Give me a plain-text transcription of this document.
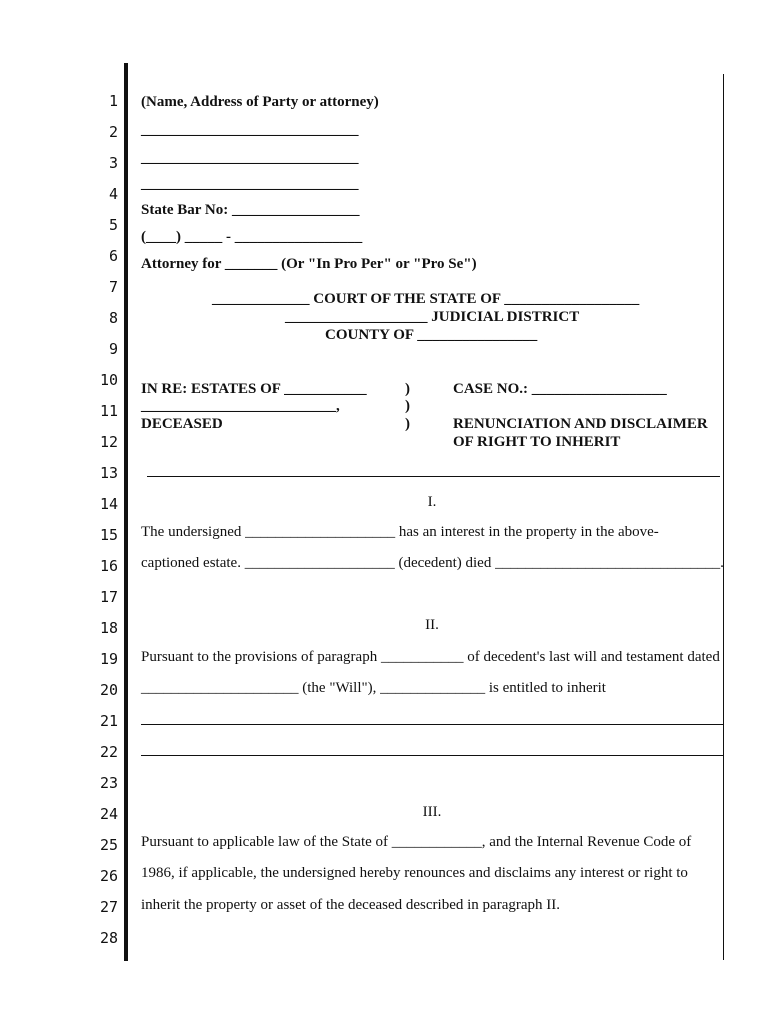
1
2
3
4
5
6
7
8
9
10
11
12
13
14
15
16
17
18
19
20
21
22
23
24
25
26
27
28
(Name, Address of Party or attorney)
_____________________________
_____________________________
_____________________________
State Bar No: _________________
(____) _____ - _________________
Attorney for _______ (Or "In Pro Per" or "Pro Se")
_____________ COURT OF THE STATE OF __________________
___________________ JUDICIAL DISTRICT
COUNTY OF ________________
IN RE: ESTATES OF ___________
__________________________,
DECEASED
)
)
)
CASE NO.: __________________
RENUNCIATION AND DISCLAIMER
OF RIGHT TO INHERIT
I.
The undersigned ____________________ has an interest in the property in the above-
captioned estate. ____________________ (decedent) died ______________________________.
II.
Pursuant to the provisions of paragraph ___________ of decedent's last will and testament dated
_____________________ (the "Will"), ______________ is entitled to inherit
III.
Pursuant to applicable law of the State of ____________, and the Internal Revenue Code of
1986, if applicable, the undersigned hereby renounces and disclaims any interest or right to
inherit the property or asset of the deceased described in paragraph II.
